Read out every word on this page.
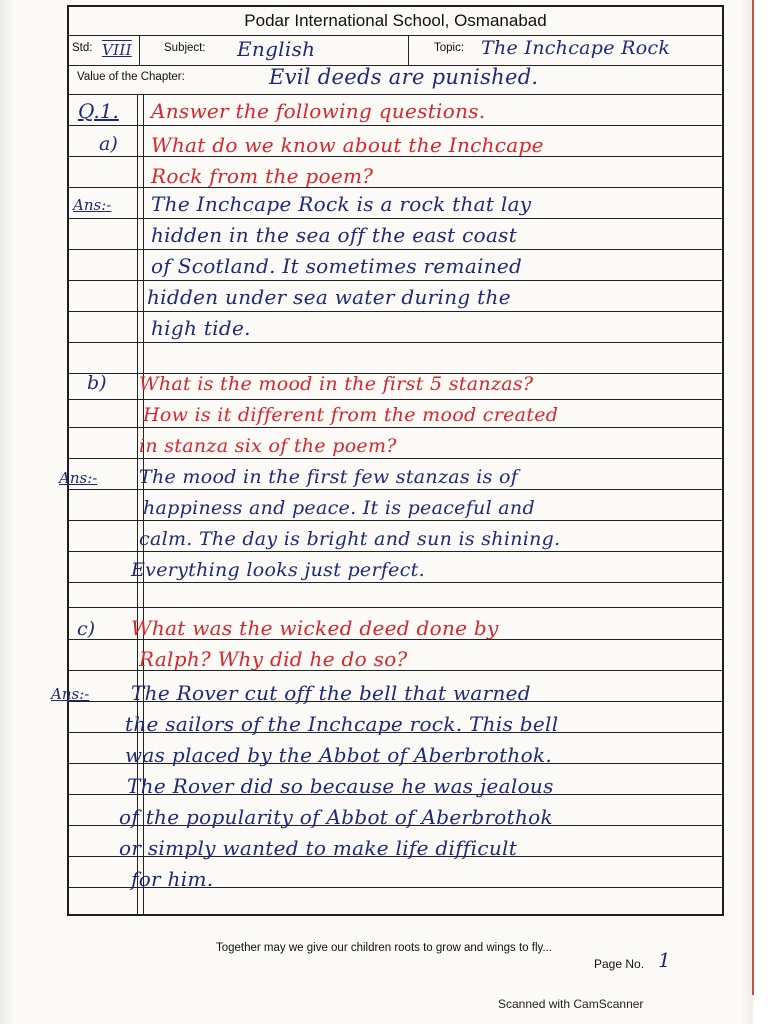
Podar International School, Osmanabad
Std: VIII	Subject: English	Topic: The Inchcape Rock
Value of the Chapter:	Evil deeds are punished.
Q.1. Answer the following questions.
a) What do we know about the Inchcape
Rock from the poem?
Ans:- The Inchcape Rock is a rock that lay
hidden in the sea off the east coast
of Scotland. It sometimes remained
hidden under sea water during the
high tide.
b) What is the mood in the first 5 stanzas?
How is it different from the mood created
in stanza six of the poem?
Ans:- The mood in the first few stanzas is of
happiness and peace. It is peaceful and
calm. The day is bright and sun is shining.
Everything looks just perfect.
c) What was the wicked deed done by
Ralph? Why did he do so?
Ans:- The Rover cut off the bell that warned
the sailors of the Inchcape rock. This bell
was placed by the Abbot of Aberbrothok.
The Rover did so because he was jealous
of the popularity of Abbot of Aberbrothok
or simply wanted to make life difficult
for him.
Together may we give our children roots to grow and wings to fly...
Page No. 1
Scanned with CamScanner
